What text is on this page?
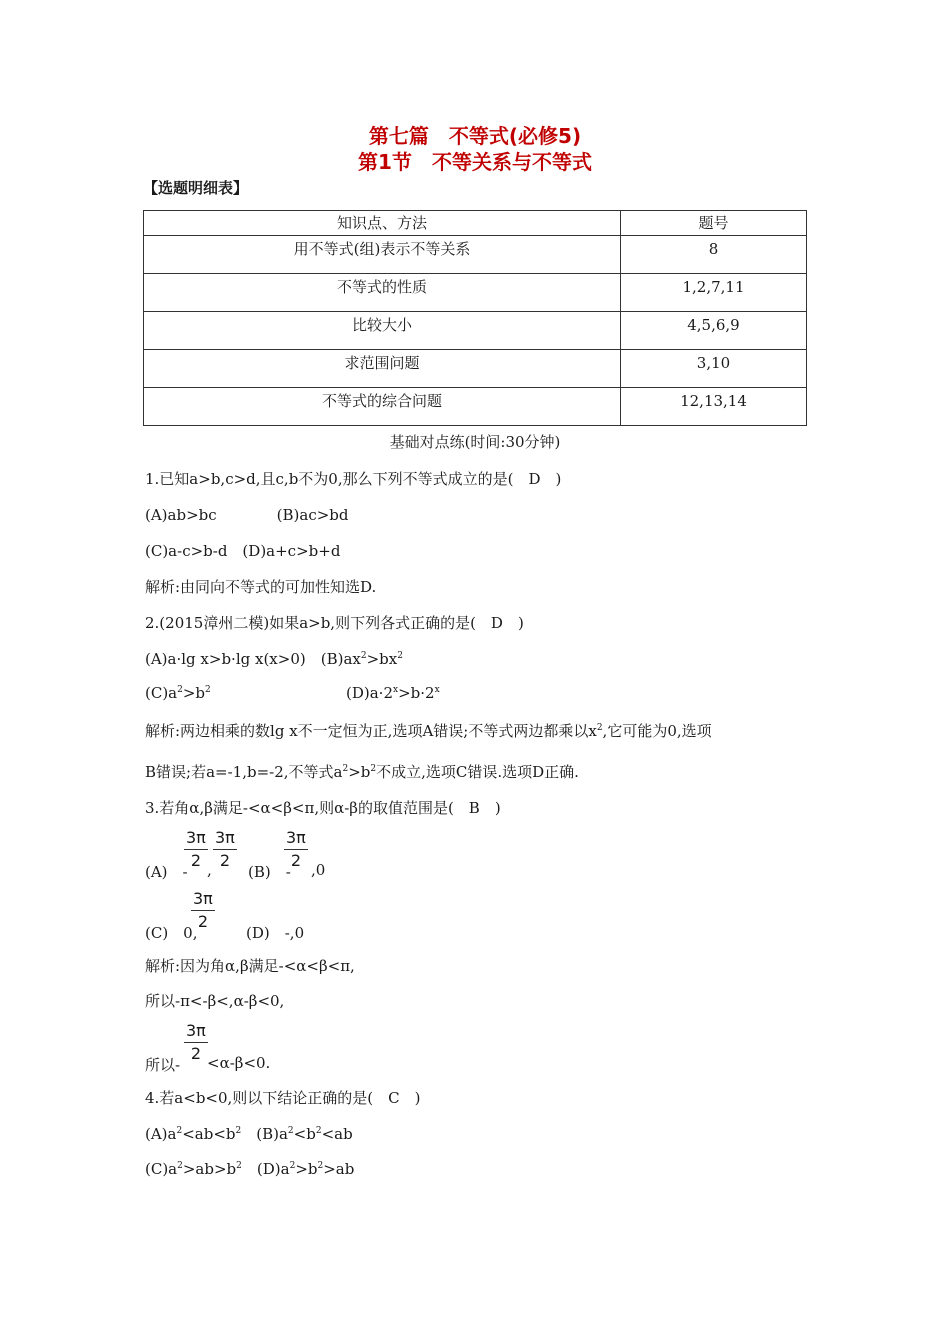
第七篇　不等式(必修5)
第1节　不等关系与不等式
【选题明细表】
知识点、方法	题号
用不等式(组)表示不等关系	8
不等式的性质	1,2,7,11
比较大小	4,5,6,9
求范围问题	3,10
不等式的综合问题	12,13,14
基础对点练(时间:30分钟)
1.已知a>b,c>d,且c,b不为0,那么下列不等式成立的是(　D　)
(A)ab>bc　　　　(B)ac>bd
(C)a-c>b-d　(D)a+c>b+d
解析:由同向不等式的可加性知选D.
2.(2015漳州二模)如果a>b,则下列各式正确的是(　D　)
(A)a·lg x>b·lg x(x>0)　$(B)ax^2>bx^2$
$(C)a^2>b^2$	$(D)a\cdot 2^x>b\cdot 2^x$
解析:两边相乘的数lg x不一定恒为正,选项A错误;不等式两边都乘以$x^2$,它可能为0,选项
B错误;若a=-1,b=-2,不等式$a^2>b^2$不成立,选项C错误.选项D正确.
3.若角α,β满足-<α<β<π,则α-β的取值范围是(　B　)
$\frac{3\pi}{2} \frac{3\pi}{2}$	$\frac{3\pi}{2}$
(A)　- , (B)　- ,0
$\frac{3\pi}{2}$
(C)　0,	(D)　-,0
解析:因为角α,β满足-<α<β<π,
所以-π<-β<,α-β<0,
$\frac{3\pi}{2}$
所以- <α-β<0.
4.若a<b<0,则以下结论正确的是(　C　)
$(A)a^2<ab<b^2$　$(B)a^2<b^2<ab$
$(C)a^2>ab>b^2$　$(D)a^2>b^2>ab$
